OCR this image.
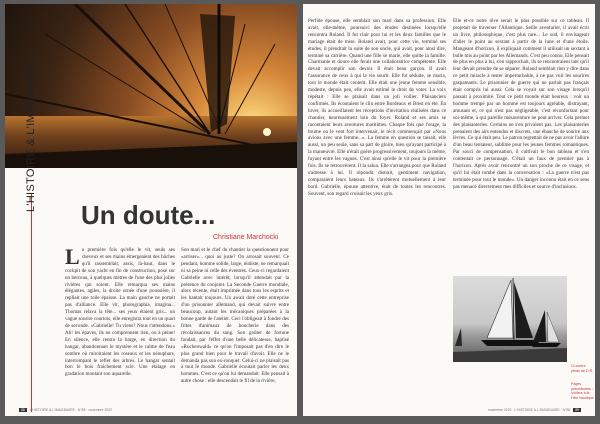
L'HISTOIRE & L'IMAGINAIRE
Un doute...
Christiane Marchocki
L a première fois qu'elle le vit, seuls ses cheveux et ses mains émergeaient des bâches qu'il rassemblait, assis, là-haut, dans le cockpit de son yacht en fin de construction, posé sur un berceau, à quelques mètres de l'une des plus jolies rivières qui soient. Elle remarqua ses mains élégantes, agiles, la droite ornée d'une poussière, il repliait une toile épaisse. La main gauche ne portait pas d'alliance. Elle vit, photographia, imagina... Thomas relava la tête... ses yeux étaient gris... un vague sourire courtois, elle enregistra tout en un quart de seconde. «Gabrielle! Tu viens? Nous t'attendons.» Ah! les épaves, ils ne comprennent rien, ou à peine! En silence, elle rentra la barge, en direction du hangar, abandonnant le mystère et le calme de l'eau sombre où miroitaient les roseaux et les nénuphars, interrompant le reflet des arbres. Le hangar sentait bon le bois fraîchement scié. Une étalage en gradation montant son aquarelle.

Son mari et le chef du chantier la questionnent pour «arriser»... quoi au juste? On arrosait souvent. Ce pendant, homme solide, large, réaliste, ne remarquait ni sa peine ni celle des éventres. Ceux-ci regardaient Gabrielle avec intérêt, lorsqu'il attendait par la présence du conjoint. La Seconde Guerre mondiale, alors récente, était imprimée dans tous les esprits et les hantait toujours. Un await doté cette entreprise d'un prisonnier allemand, qui devait suivre entre beaucoup, autant les mécaniques préparées à la bonne garde de l'atelier. Ceci l'obligeait à fondre des frites d'animaux de boucherie dans des récolaissances du sang. Son goûter de fortune fondait, par l'effet d'une belle délicatesse, baptisé «Ruchenwald» ce qu'on l'imposait pas d'en dire le plus grand bien pour le travail d'avoir. Elle ne le demanda pas son ex-ronquet. Celui-ci ne plaisait pas à tout le monde. Gabrielle écoutait parler les deux hommes. C'est ce qu'on lui demandait. Elle pensait à autre chose : elle descendait le fil de la rivière,

88 L'HISTOIRE & L'IMAGINAIRE · N°88 · novembre 2022

Perfide épouse, elle semblait son mari dans sa profession. Elle avait, elle-même, poursuivi des études destinées lorsqu'elle rencontra Roland. Il fut clair pour lui et les deux familles que le mariage était de mise. Roland avait, pour cette vie, terminé ses études, il prendrait la suite de son oncle, qui avait, pour ainsi dire, terminé sa carrière. Quand une fille se marie, elle quitte la famille. Charmante et douce elle ferait une collaboratrice compétente. Elle devait accomplir son devoir. Il était beau garçon. Il avait l'assurance de ceux à qui la vie sourit. Elle fut séduite, se maria, tout le monde était content. Elle était une jeune femme sensible, modeste, depuis peu, elle avait estimé le droit de voter. La voix répétait : Elle se plaisait dans un joli voilier. Plaisanciers confirmés. Ils écoutaient le clin entre Bordeaux et Brest en été. En hiver, ils accueillaient les réceptions d'invitation réalisées dans ce chantier, heureusement loin du foyer. Roland et ses amis se racontaient leurs aventures maritimes. Chaque fois que l'orage, la brume ou le vent fort intervenait, le récit commençait par «Nous avions avec une femme...». La femme en question se taisait, elle aussi, un peu seule, sans sa part de gloire, bien qu'ayant participé à la manœuvre. Elle n'était guère progressivement, toujours la même, fuyant entre les vagues. C'est ainsi qu'elle le vit pour la première fois. Ils se retrouvèrent. Il la salua. Elle s'arrangea pour que Roland s'adresse à lui. Il répondit distrait, gentiment navigation, comparaient leurs bateaux. Ils s'arrêtèrent mutuellement à leur bord. Gabrielle, épouse attentive, était de toutes les rencontres. Souvent, son regard croisait les yeux gris.

Elle et-ce notre rêve serait le plus possible sur ce tableau. Il projetait de traverser l'Atlantique. Seille aventurier, il avait écrit un livre, philosophique, c'est plus rare... Le sud, il envisageait d'aller le point au sextant à partir de la lune et d'une étoile. Mangeant d'horizon, il expliquait comment il utilisait un sextant à bulle mis au point par les Allemands. C'est peu connu. Elle pensait de plus en plus à lui, s'en rapprochait, ils se rencontraient tant qu'il leur devait prendre de se séparer. Roland semblait rien y dire dans ce petit miracle à rester imperturbable, à ne pas voir les sourires gaspamants. Le prisonnier de guerre qui ne parlait pas français était compris lui aussi. Cela se voyait sur son visage lorsqu'il passait à proximité. Tout ce petit monde était heureux : voir un homme trempé par un homme est toujours agréable, distrayant, amusant et, ce qui n'est pas négligeable, c'est réconfortant pour soi-même, à qui pareille mésaventure ne peut arriver. Cela permet des plaisanteries. Certains ne s'en privaient pas. Les plaisanteries prenaient des airs entendus et discrets, une ébauche de sourire aux lèvres. Ce qui était peu. Le patron regrettait de ne pas avoir l'allure d'un beau tentateur, sublime pour les jeunes femmes romantiques. Par souci de compensation, il cultivait le bon tableau et s'en contentait ce personnage. C'était un faux de premier pas à l'horizon. Après avoir rencontré un son proche de ce visage, et qu'il lui était tombé dans la conversation : «La guerre n'est pas terminée pour tout le monde». Un danger inconnu était en ce sens pas menacé directement mes difficiles et source d'inclusions.

Ci-contre photo de D.R.
Pages précédentes : Voiliers à la Fête Nautique
novembre 2022 · L'HISTOIRE & L'IMAGINAIRE · N°88 89
